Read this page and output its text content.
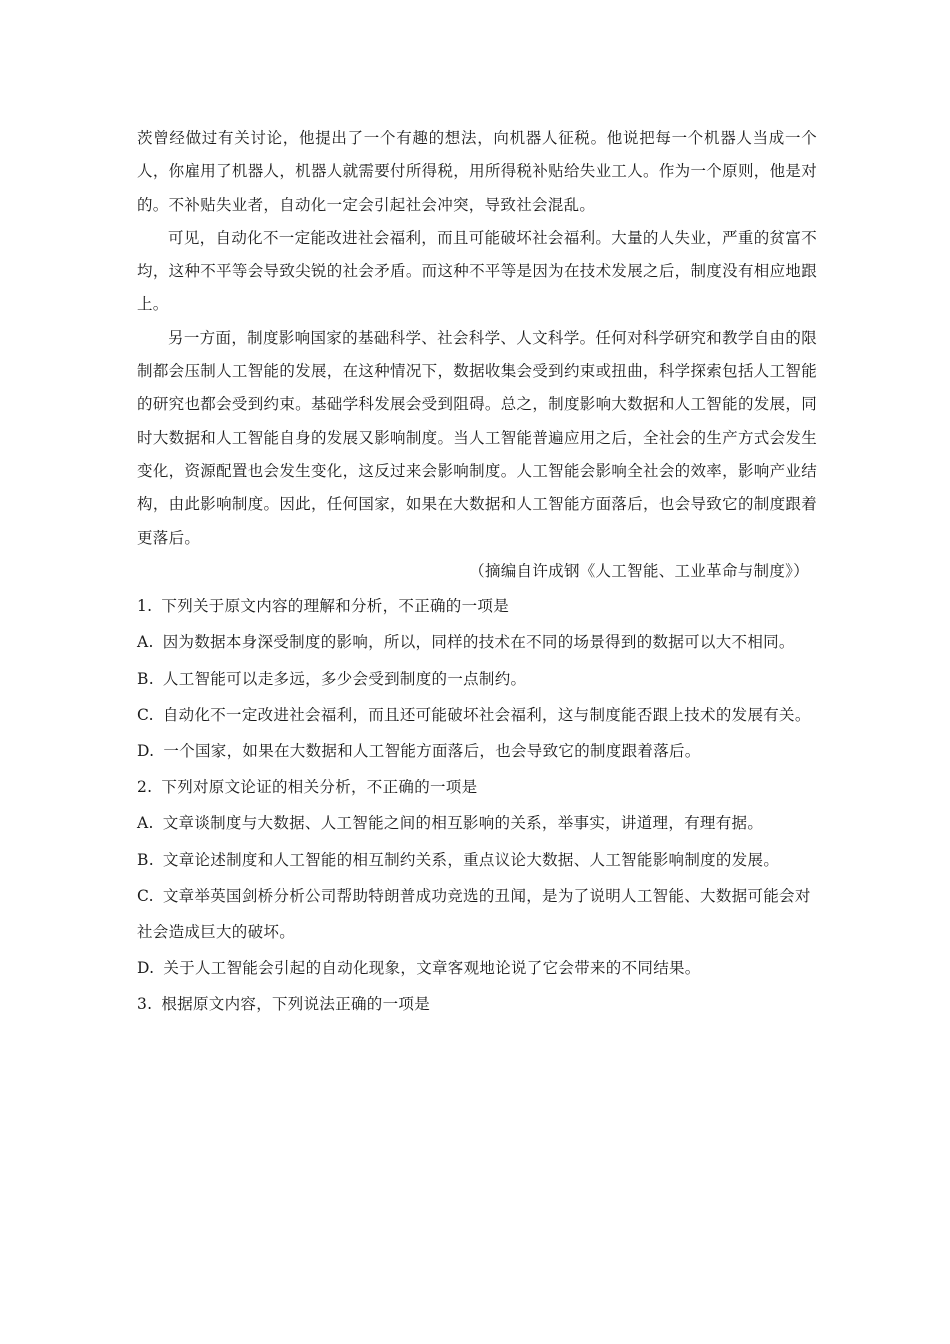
茨曾经做过有关讨论，他提出了一个有趣的想法，向机器人征税。他说把每一个机器人当成一个人，你雇用了机器人，机器人就需要付所得税，用所得税补贴给失业工人。作为一个原则，他是对的。不补贴失业者，自动化一定会引起社会冲突，导致社会混乱。

可见，自动化不一定能改进社会福利，而且可能破坏社会福利。大量的人失业，严重的贫富不均，这种不平等会导致尖锐的社会矛盾。而这种不平等是因为在技术发展之后，制度没有相应地跟上。

另一方面，制度影响国家的基础科学、社会科学、人文科学。任何对科学研究和教学自由的限制都会压制人工智能的发展，在这种情况下，数据收集会受到约束或扭曲，科学探索包括人工智能的研究也都会受到约束。基础学科发展会受到阻碍。总之，制度影响大数据和人工智能的发展，同时大数据和人工智能自身的发展又影响制度。当人工智能普遍应用之后，全社会的生产方式会发生变化，资源配置也会发生变化，这反过来会影响制度。人工智能会影响全社会的效率，影响产业结构，由此影响制度。因此，任何国家，如果在大数据和人工智能方面落后，也会导致它的制度跟着更落后。

（摘编自许成钢《人工智能、工业革命与制度》）

1. 下列关于原文内容的理解和分析，不正确的一项是

A. 因为数据本身深受制度的影响，所以，同样的技术在不同的场景得到的数据可以大不相同。

B. 人工智能可以走多远，多少会受到制度的一点制约。

C. 自动化不一定改进社会福利，而且还可能破坏社会福利，这与制度能否跟上技术的发展有关。

D. 一个国家，如果在大数据和人工智能方面落后，也会导致它的制度跟着落后。

2. 下列对原文论证的相关分析，不正确的一项是

A. 文章谈制度与大数据、人工智能之间的相互影响的关系，举事实，讲道理，有理有据。

B. 文章论述制度和人工智能的相互制约关系，重点议论大数据、人工智能影响制度的发展。

C. 文章举英国剑桥分析公司帮助特朗普成功竞选的丑闻，是为了说明人工智能、大数据可能会对社会造成巨大的破坏。

D. 关于人工智能会引起的自动化现象，文章客观地论说了它会带来的不同结果。

3. 根据原文内容，下列说法正确的一项是
